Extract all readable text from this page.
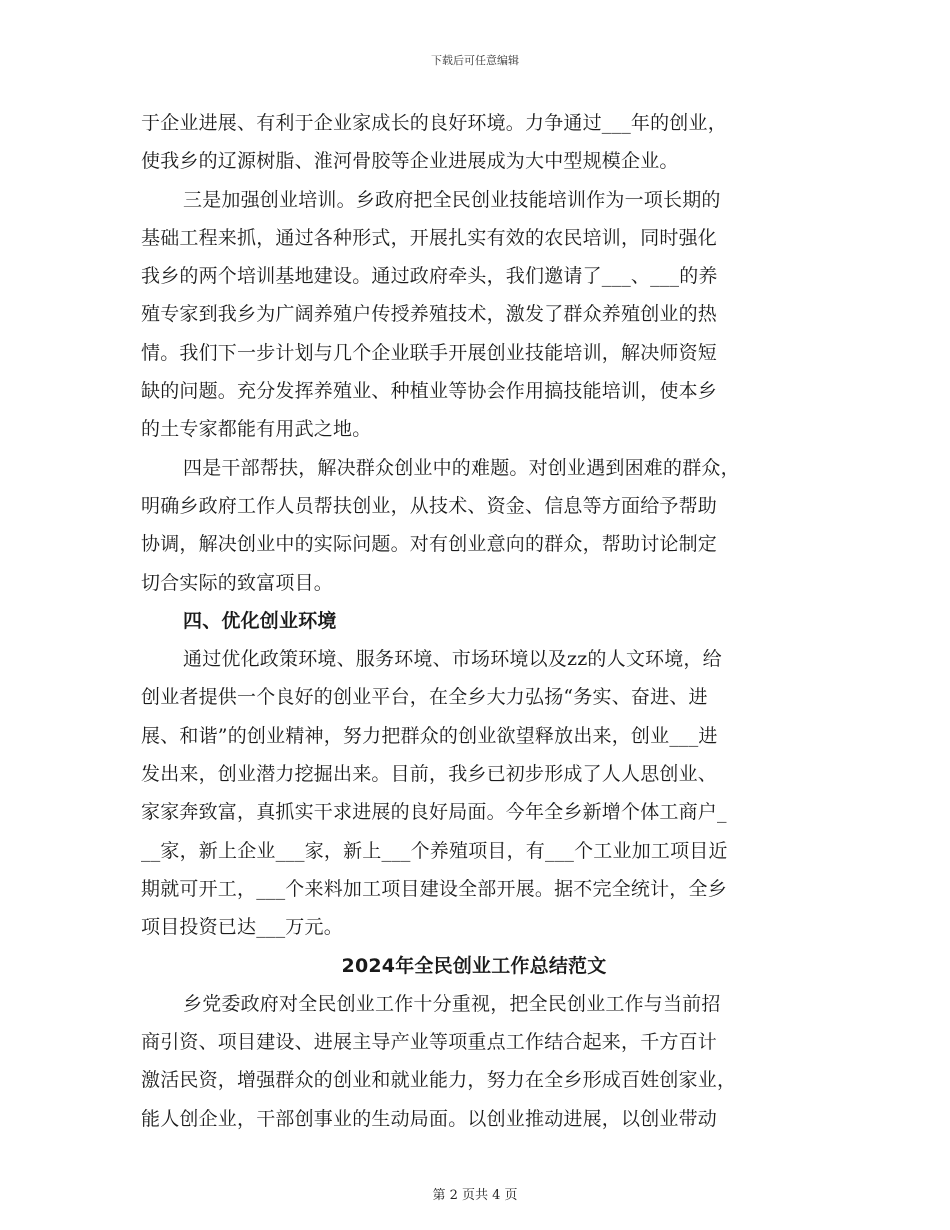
下载后可任意编辑
于企业进展、有利于企业家成长的良好环境。力争通过___年的创业，
使我乡的辽源树脂、淮河骨胶等企业进展成为大中型规模企业。
三是加强创业培训。乡政府把全民创业技能培训作为一项长期的
基础工程来抓，通过各种形式，开展扎实有效的农民培训，同时强化
我乡的两个培训基地建设。通过政府牵头，我们邀请了___、___的养
殖专家到我乡为广阔养殖户传授养殖技术，激发了群众养殖创业的热
情。我们下一步计划与几个企业联手开展创业技能培训，解决师资短
缺的问题。充分发挥养殖业、种植业等协会作用搞技能培训，使本乡
的土专家都能有用武之地。
四是干部帮扶，解决群众创业中的难题。对创业遇到困难的群众，
明确乡政府工作人员帮扶创业，从技术、资金、信息等方面给予帮助
协调，解决创业中的实际问题。对有创业意向的群众，帮助讨论制定
切合实际的致富项目。
四、优化创业环境
通过优化政策环境、服务环境、市场环境以及zz的人文环境，给
创业者提供一个良好的创业平台，在全乡大力弘扬“务实、奋进、进
展、和谐”的创业精神，努力把群众的创业欲望释放出来，创业___进
发出来，创业潜力挖掘出来。目前，我乡已初步形成了人人思创业、
家家奔致富，真抓实干求进展的良好局面。今年全乡新增个体工商户_
__家，新上企业___家，新上___个养殖项目，有___个工业加工项目近
期就可开工，___个来料加工项目建设全部开展。据不完全统计，全乡
项目投资已达___万元。
2024年全民创业工作总结范文
乡党委政府对全民创业工作十分重视，把全民创业工作与当前招
商引资、项目建设、进展主导产业等项重点工作结合起来，千方百计
激活民资，增强群众的创业和就业能力，努力在全乡形成百姓创家业，
能人创企业，干部创事业的生动局面。以创业推动进展，以创业带动
第 2 页共 4 页
